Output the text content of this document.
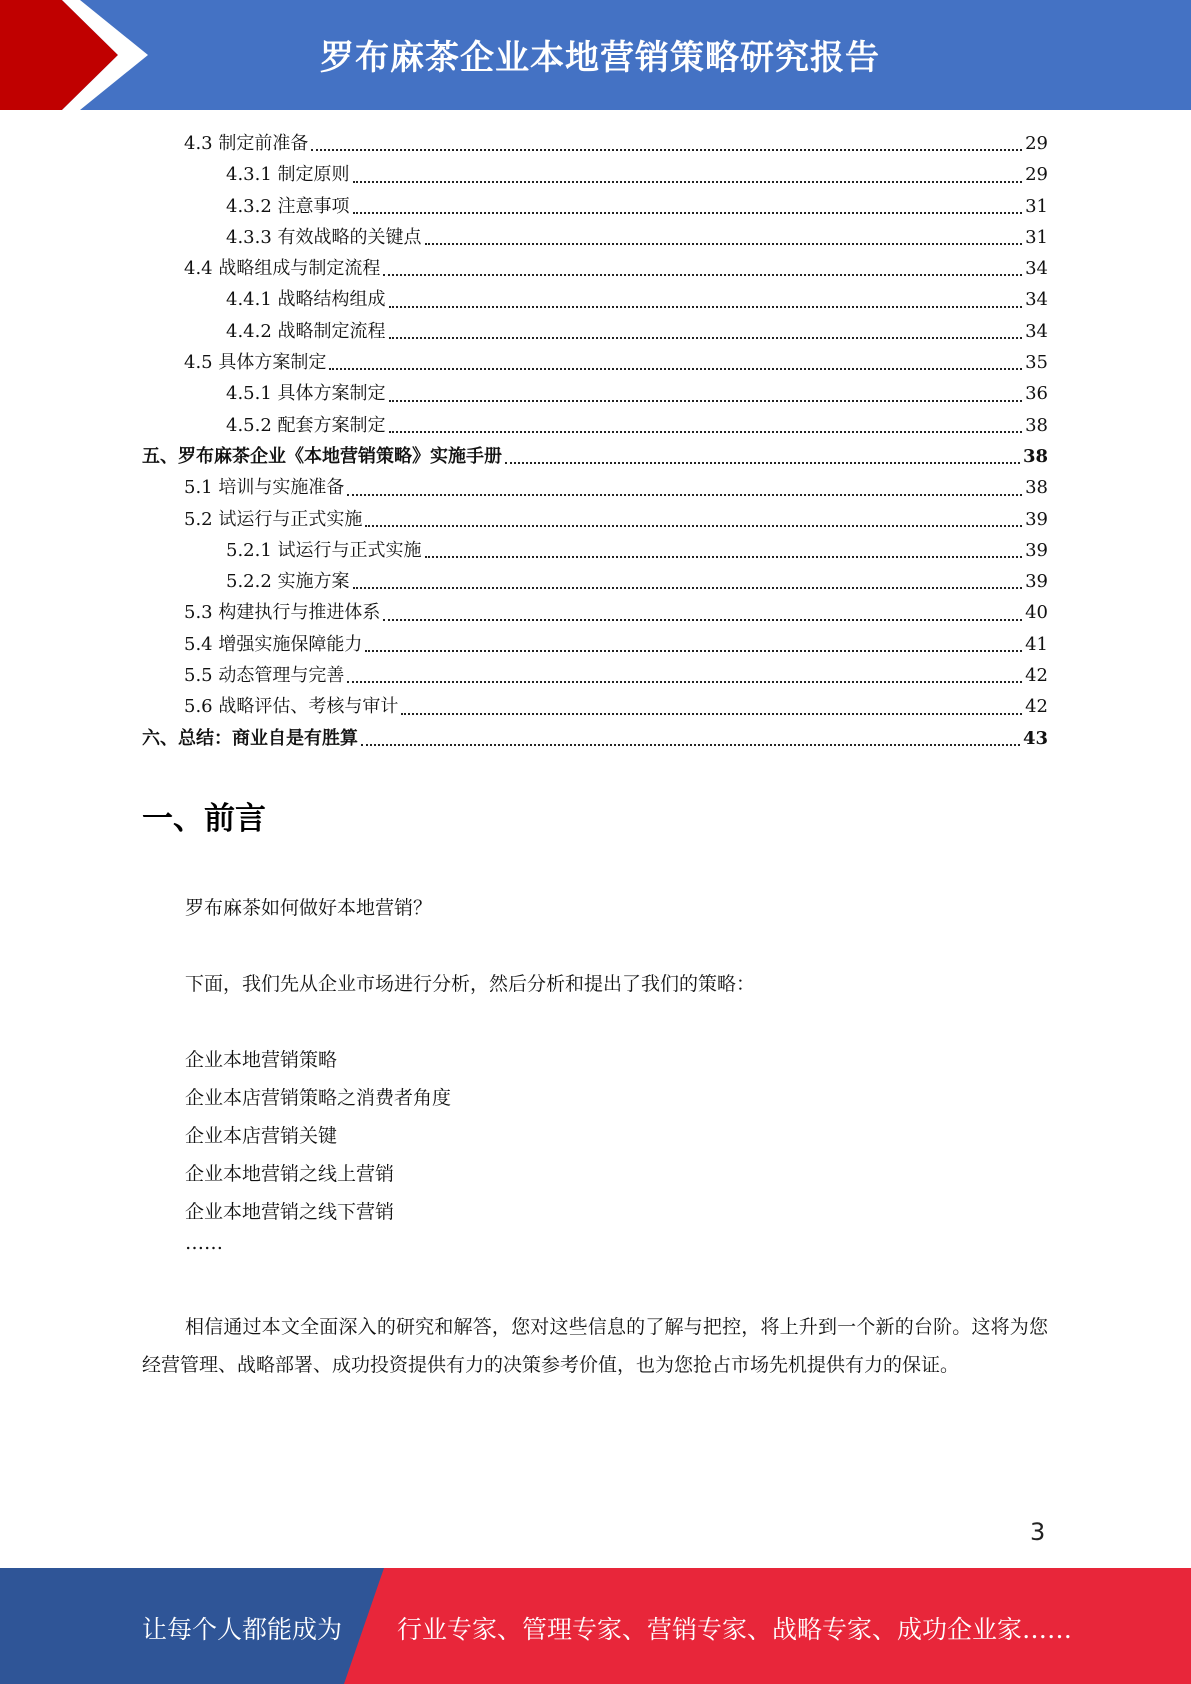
罗布麻茶企业本地营销策略研究报告
4.3 制定前准备	29
4.3.1 制定原则	29
4.3.2 注意事项	31
4.3.3 有效战略的关键点	31
4.4 战略组成与制定流程	34
4.4.1 战略结构组成	34
4.4.2 战略制定流程	34
4.5 具体方案制定	35
4.5.1 具体方案制定	36
4.5.2 配套方案制定	38
五、罗布麻茶企业《本地营销策略》实施手册	38
5.1 培训与实施准备	38
5.2 试运行与正式实施	39
5.2.1 试运行与正式实施	39
5.2.2 实施方案	39
5.3 构建执行与推进体系	40
5.4 增强实施保障能力	41
5.5 动态管理与完善	42
5.6 战略评估、考核与审计	42
六、总结：商业自是有胜算	43
一、前言
罗布麻茶如何做好本地营销？
下面，我们先从企业市场进行分析，然后分析和提出了我们的策略：
企业本地营销策略
企业本店营销策略之消费者角度
企业本店营销关键
企业本地营销之线上营销
企业本地营销之线下营销
……
相信通过本文全面深入的研究和解答，您对这些信息的了解与把控，将上升到一个新的台阶。这将为您经营管理、战略部署、成功投资提供有力的决策参考价值，也为您抢占市场先机提供有力的保证。
3
让每个人都能成为 行业专家、管理专家、营销专家、战略专家、成功企业家……
